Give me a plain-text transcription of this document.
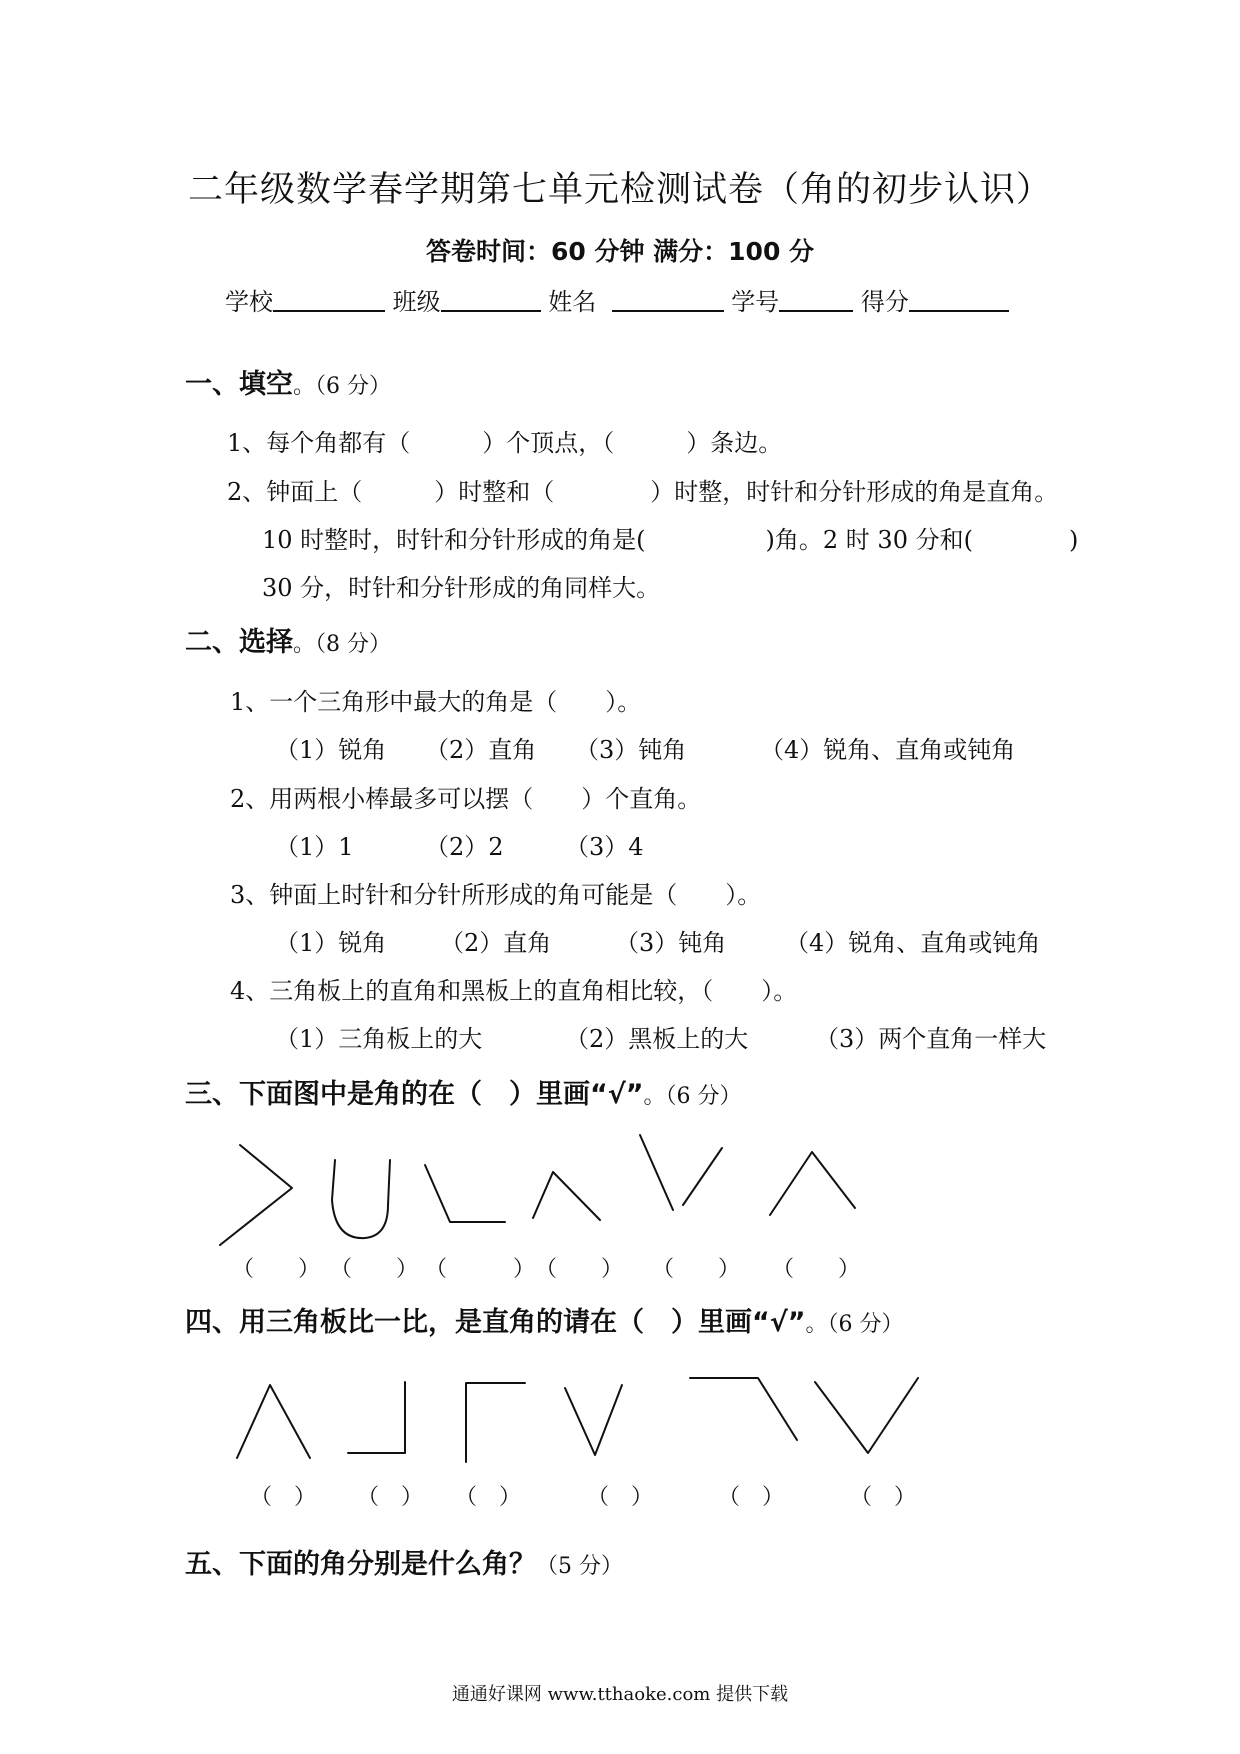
二年级数学春学期第七单元检测试卷（角的初步认识）
答卷时间：60 分钟 满分：100 分
学校	班级	姓名	学号	得分
一、填空。（6 分）
1、每个角都有（　　　）个顶点，（　　　）条边。
2、钟面上（　　　）时整和（　　　　）时整，时针和分针形成的角是直角。
10 时整时，时针和分针形成的角是(　　　　　)角。2 时 30 分和(　　　　)
30 分，时针和分针形成的角同样大。
二、选择。（8 分）
1、一个三角形中最大的角是（　　）。
（1）锐角 （2）直角 （3）钝角	（4）锐角、直角或钝角
2、用两根小棒最多可以摆（　　）个直角。
（1）1	（2）2	（3）4
3、钟面上时针和分针所形成的角可能是（　　）。
（1）锐角 （2）直角	（3）钝角 （4）锐角、直角或钝角
4、三角板上的直角和黑板上的直角相比较，（　　）。
（1）三角板上的大	（2）黑板上的大	（3）两个直角一样大
三、下面图中是角的在（　）里画“√”。（6 分）
（　　） （　　） （　　　） （　　） （　　） （　　）
四、用三角板比一比，是直角的请在（　）里画“√”。（6 分）
（　） （　） （　）	（　）	（　）	（　）
五、下面的角分别是什么角？（5 分）
通通好课网 www.tthaoke.com 提供下载
